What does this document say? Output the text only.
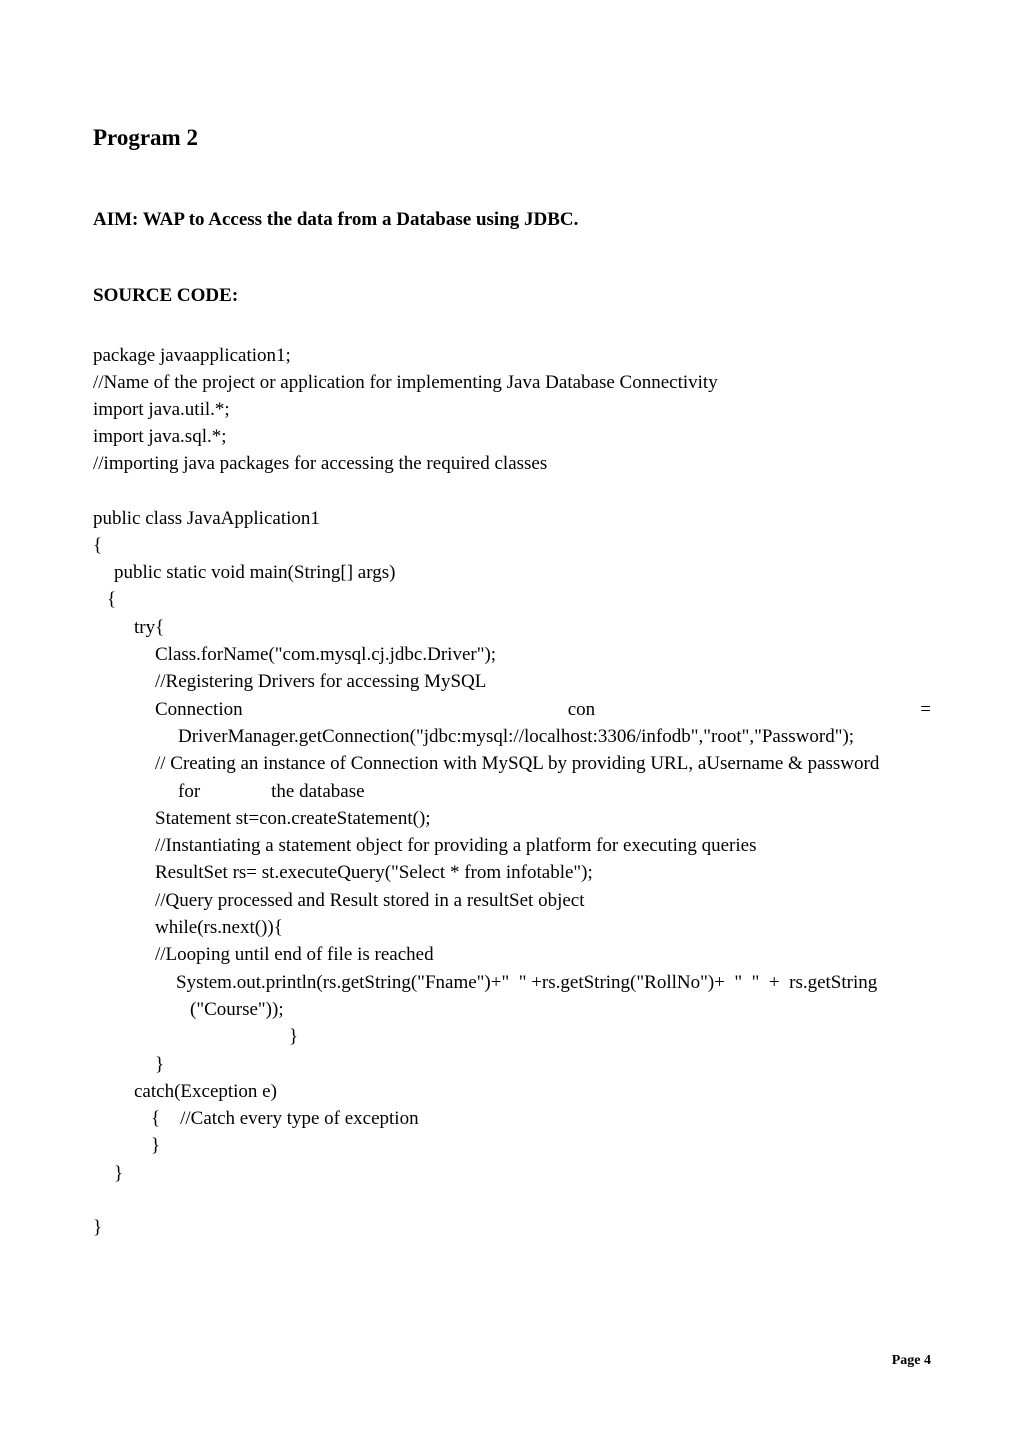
Program 2
AIM: WAP to Access the data from a Database using JDBC.
SOURCE CODE:
package javaapplication1;
//Name of the project or application for implementing Java Database Connectivity
import java.util.*;
import java.sql.*;
//importing java packages for accessing the required classes
public class JavaApplication1
{
public static void main(String[] args)
{
try{
Class.forName("com.mysql.cj.jdbc.Driver");
//Registering Drivers for accessing MySQL
Connection	con	=
DriverManager.getConnection("jdbc:mysql://localhost:3306/infodb","root","Password");
// Creating an instance of Connection with MySQL by providing URL, aUsername & password
for	the database
Statement st=con.createStatement();
//Instantiating a statement object for providing a platform for executing queries
ResultSet rs= st.executeQuery("Select * from infotable");
//Query processed and Result stored in a resultSet object
while(rs.next()){
//Looping until end of file is reached
System.out.println(rs.getString("Fname")+"  " +rs.getString("RollNo")+  "  "  +  rs.getString
("Course"));
}
}
catch(Exception e)
{ //Catch every type of exception
}
}
}
Page 4
